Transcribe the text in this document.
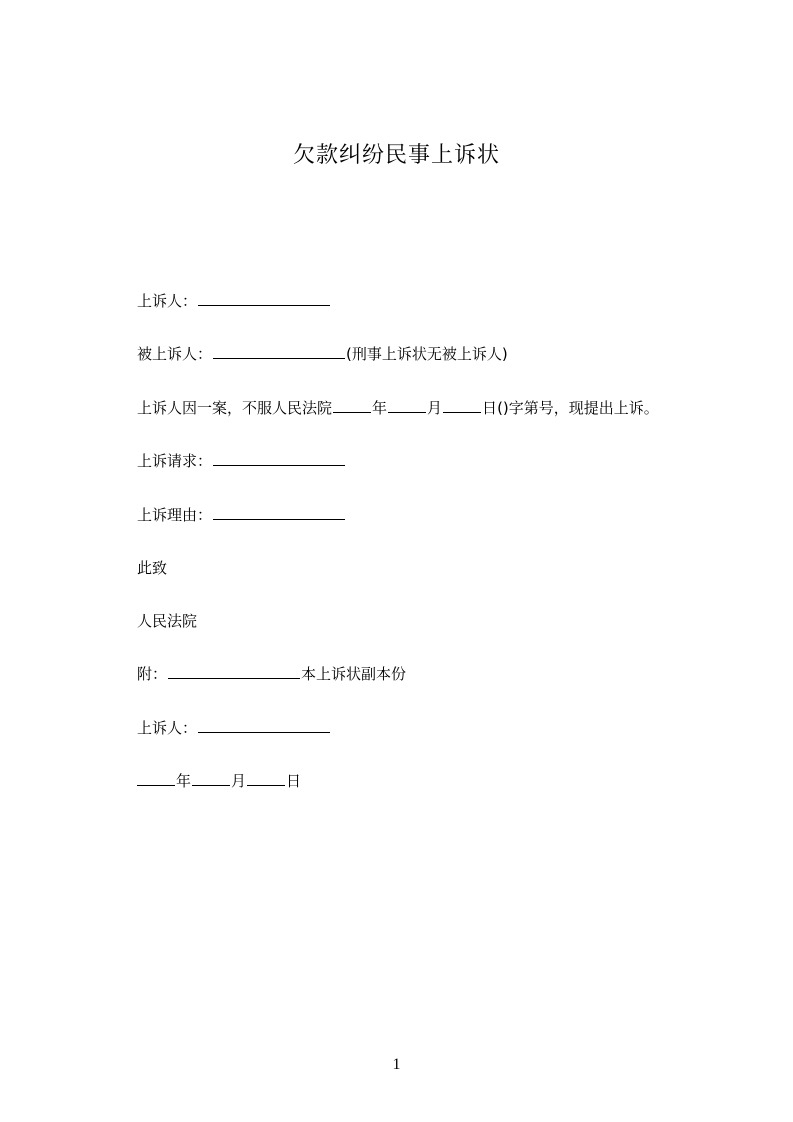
欠款纠纷民事上诉状
上诉人：
被上诉人：	(刑事上诉状无被上诉人)
上诉人因一案，不服人民法院	年	月	日()字第号，现提出上诉。
上诉请求：
上诉理由：
此致
人民法院
附：	本上诉状副本份
上诉人：
年	月	日
1
